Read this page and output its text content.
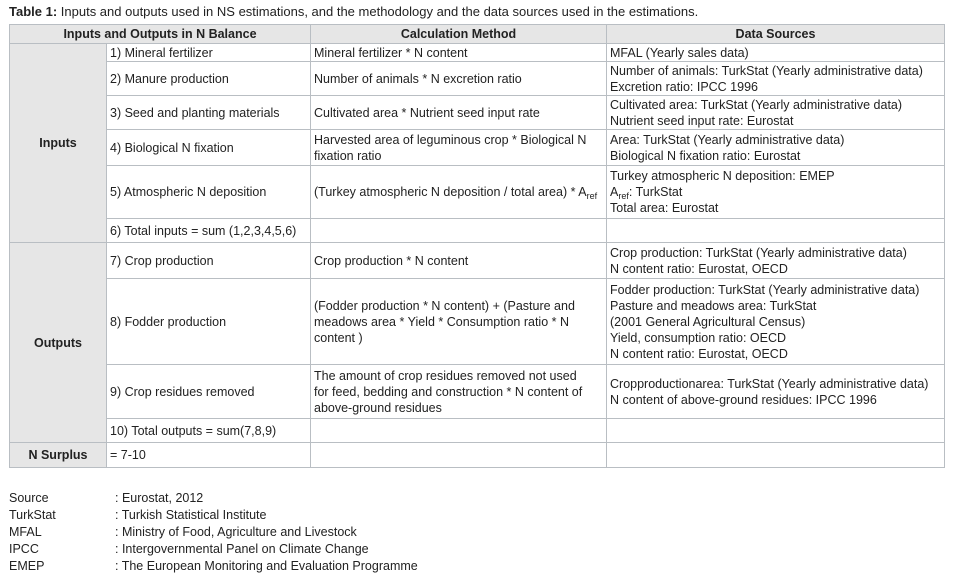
Table 1: Inputs and outputs used in NS estimations, and the methodology and the data sources used in the estimations.
Inputs and Outputs in N Balance		Calculation Method	Data Sources
Inputs	1) Mineral fertilizer	Mineral fertilizer * N content	MFAL (Yearly sales data)

	2) Manure production	Number of animals * N excretion ratio	Number of animals: TurkStat (Yearly administrative data)
Excretion ratio: IPCC 1996

	3) Seed and planting materials	Cultivated area * Nutrient seed input rate	Cultivated area: TurkStat (Yearly administrative data)
Nutrient seed input rate: Eurostat

	4) Biological N fixation	Harvested area of leguminous crop * Biological N
fixation ratio	Area: TurkStat (Yearly administrative data)
Biological N fixation ratio: Eurostat

	5) Atmospheric N deposition	(Turkey atmospheric N deposition / total area) * $A_{ref}$	Turkey atmospheric N deposition: EMEP
$A_{ref}$: TurkStat
Total area: Eurostat

	6) Total inputs = sum (1,2,3,4,5,6)		
Outputs	7) Crop production	Crop production * N content	Crop production: TurkStat (Yearly administrative data)
N content ratio: Eurostat, OECD

	8) Fodder production	(Fodder production * N content) + (Pasture and
meadows area * Yield * Consumption ratio * N
content )	Fodder production: TurkStat (Yearly administrative data)
Pasture and meadows area: TurkStat
(2001 General Agricultural Census)
Yield, consumption ratio: OECD
N content ratio: Eurostat, OECD

	9) Crop residues removed	The amount of crop residues removed not used
for feed, bedding and construction * N content of
above-ground residues	Cropproductionarea: TurkStat (Yearly administrative data)
N content of above-ground residues: IPCC 1996

	10) Total outputs = sum(7,8,9)		
N Surplus	= 7-10		
Source	: Eurostat, 2012
TurkStat	: Turkish Statistical Institute
MFAL	: Ministry of Food, Agriculture and Livestock
IPCC	: Intergovernmental Panel on Climate Change
EMEP	: The European Monitoring and Evaluation Programme
